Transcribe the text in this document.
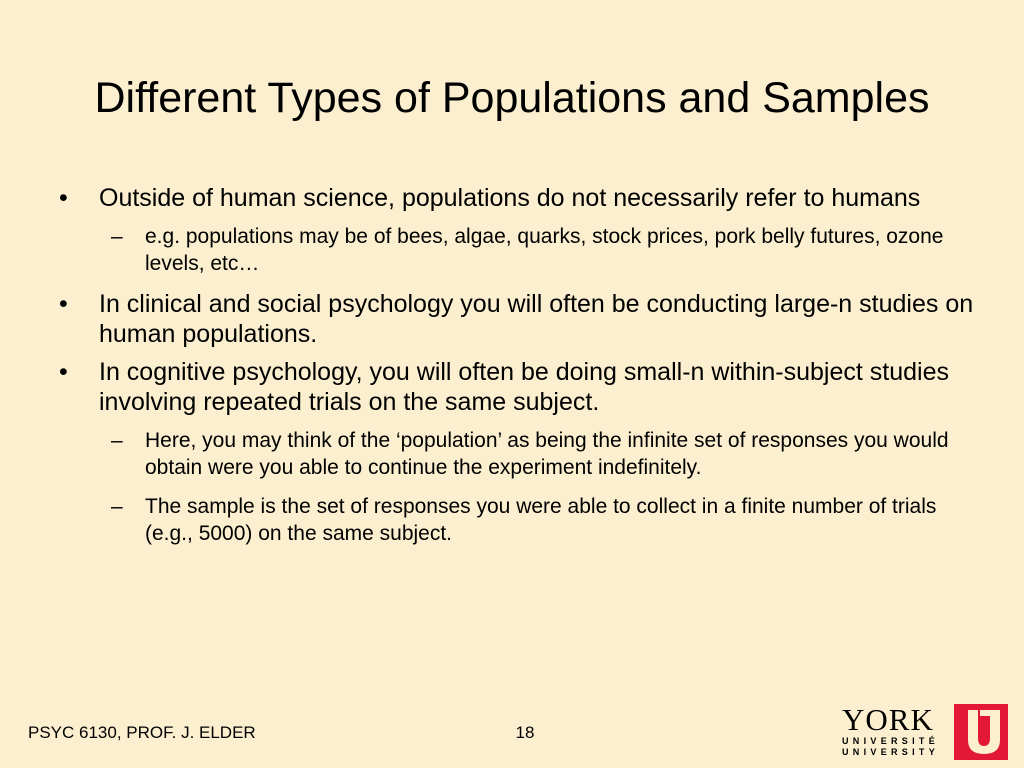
Different Types of Populations and Samples
• Outside of human science, populations do not necessarily refer to humans
– e.g. populations may be of bees, algae, quarks, stock prices, pork belly futures, ozone levels, etc…
• In clinical and social psychology you will often be conducting large-n studies on human populations.
• In cognitive psychology, you will often be doing small-n within-subject studies involving repeated trials on the same subject.
– Here, you may think of the ‘population’ as being the infinite set of responses you would obtain were you able to continue the experiment indefinitely.
– The sample is the set of responses you were able to collect in a finite number of trials (e.g., 5000) on the same subject.
PSYC 6130, PROF. J. ELDER	18	YORK
UNIVERSITÉ
UNIVERSITY
